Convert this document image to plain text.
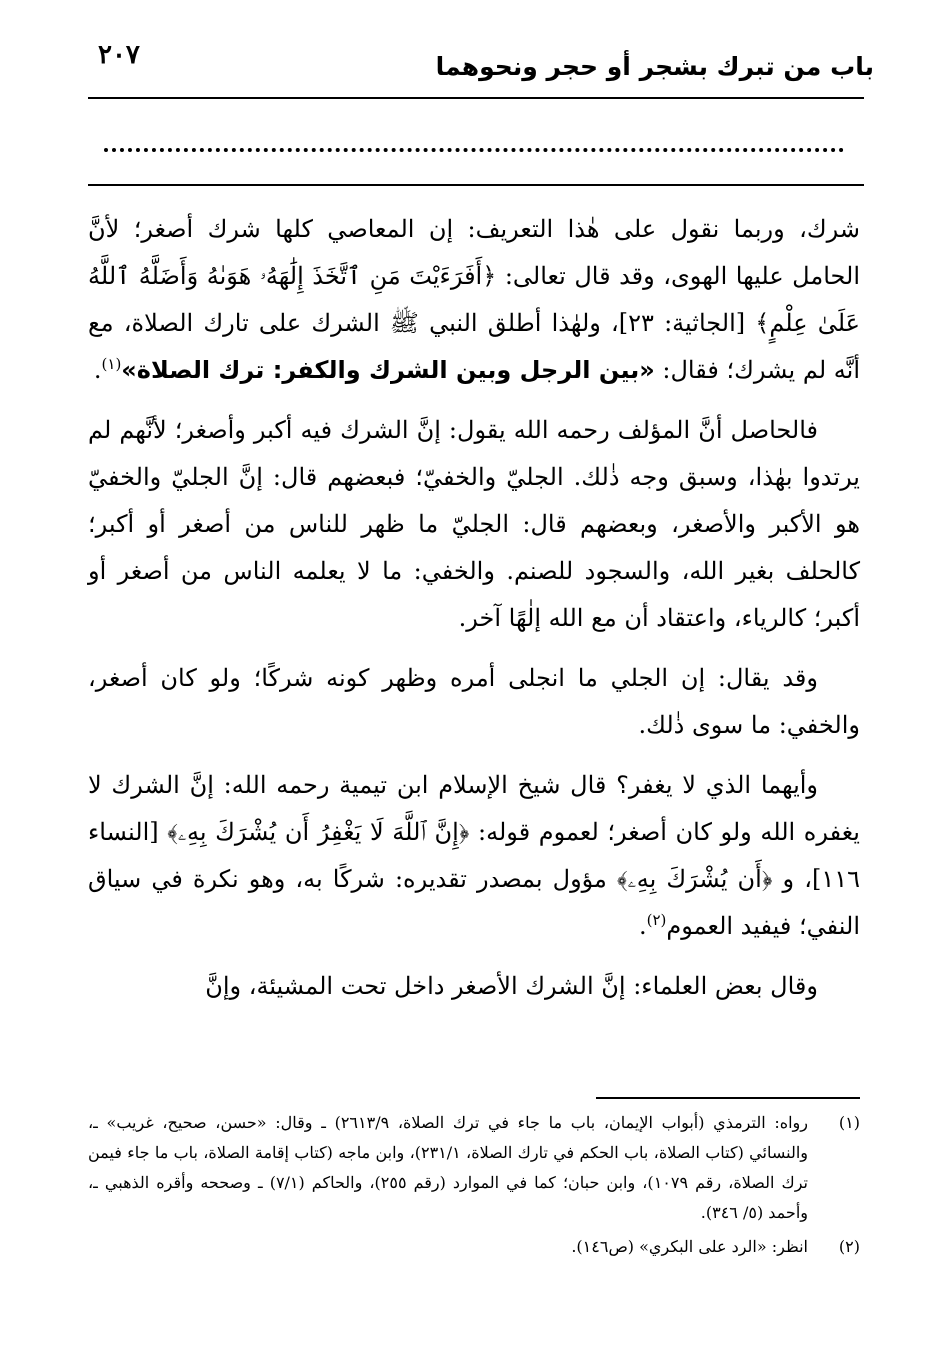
٢٠٧	باب من تبرك بشجر أو حجر ونحوهما

شرك، وربما نقول على هٰذا التعريف: إن المعاصي كلها شرك أصغر؛ لأنَّ الحامل عليها الهوى، وقد قال تعالى: ﴿أَفَرَءَيْتَ مَنِ ٱتَّخَذَ إِلَٰهَهُۥ هَوَىٰهُ وَأَضَلَّهُ ٱللَّهُ عَلَىٰ عِلْمٍ﴾ [الجاثية: ٢٣]، ولهٰذا أطلق النبي ﷺ الشرك على تارك الصلاة، مع أنَّه لم يشرك؛ فقال: «بين الرجل وبين الشرك والكفر: ترك الصلاة»$^{(١)}$.

فالحاصل أنَّ المؤلف رحمه الله يقول: إنَّ الشرك فيه أكبر وأصغر؛ لأنَّهم لم يرتدوا بهٰذا، وسبق وجه ذٰلك. الجليّ والخفيّ؛ فبعضهم قال: إنَّ الجليّ والخفيّ هو الأكبر والأصغر، وبعضهم قال: الجليّ ما ظهر للناس من أصغر أو أكبر؛ كالحلف بغير الله، والسجود للصنم. والخفي: ما لا يعلمه الناس من أصغر أو أكبر؛ كالرياء، واعتقاد أن مع الله إلٰهًا آخر.

وقد يقال: إن الجلي ما انجلى أمره وظهر كونه شركًا؛ ولو كان أصغر، والخفي: ما سوى ذٰلك.

وأيهما الذي لا يغفر؟ قال شيخ الإسلام ابن تيمية رحمه الله: إنَّ الشرك لا يغفره الله ولو كان أصغر؛ لعموم قوله: ﴿إِنَّ ٱللَّهَ لَا يَغْفِرُ أَن يُشْرَكَ بِهِۦ﴾ [النساء ١١٦]، و ﴿أَن يُشْرَكَ بِهِۦ﴾ مؤول بمصدر تقديره: شركًا به، وهو نكرة في سياق النفي؛ فيفيد العموم$^{(٢)}$.

وقال بعض العلماء: إنَّ الشرك الأصغر داخل تحت المشيئة، وإنَّ

(١)
رواه: الترمذي (أبواب الإيمان، باب ما جاء في ترك الصلاة، ٢٦١٣/٩) ـ وقال: «حسن، صحيح، غريب» ـ، والنسائي (كتاب الصلاة، باب الحكم في تارك الصلاة، ٢٣١/١)، وابن ماجه (كتاب إقامة الصلاة، باب ما جاء فيمن ترك الصلاة، رقم ١٠٧٩)، وابن حبان؛ كما في الموارد (رقم ٢٥٥)، والحاكم (٧/١) ـ وصححه وأقره الذهبي ـ، وأحمد (٥/ ٣٤٦).
(٢)
انظر: «الرد على البكري» (ص١٤٦).
